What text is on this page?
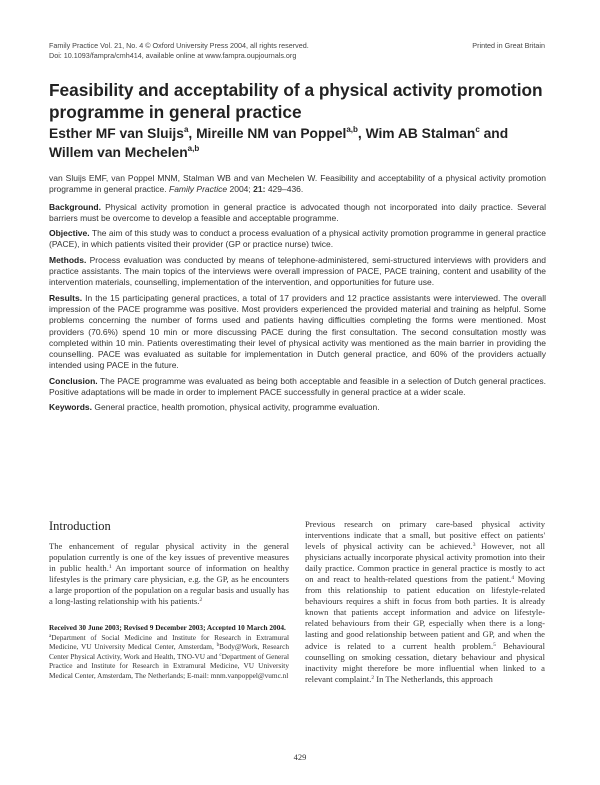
Family Practice Vol. 21, No. 4 © Oxford University Press 2004, all rights reserved.
Doi: 10.1093/fampra/cmh414, available online at www.fampra.oupjournals.org
Printed in Great Britain
Feasibility and acceptability of a physical activity promotion programme in general practice

Esther MF van Sluijs$^a$, Mireille NM van Poppel$^{a,b}$, Wim AB Stalman$^c$ and Willem van Mechelen$^{a,b}$

van Sluijs EMF, van Poppel MNM, Stalman WB and van Mechelen W. Feasibility and acceptability of a physical activity promotion programme in general practice. Family Practice 2004; 21: 429–436.

Background. Physical activity promotion in general practice is advocated though not incorporated into daily practice. Several barriers must be overcome to develop a feasible and acceptable programme.

Objective. The aim of this study was to conduct a process evaluation of a physical activity promotion programme in general practice (PACE), in which patients visited their provider (GP or practice nurse) twice.

Methods. Process evaluation was conducted by means of telephone-administered, semi-structured interviews with providers and practice assistants. The main topics of the interviews were overall impression of PACE, PACE training, content and usability of the intervention materials, counselling, implementation of the intervention, and opportunities for future use.

Results. In the 15 participating general practices, a total of 17 providers and 12 practice assistants were interviewed. The overall impression of the PACE programme was positive. Most providers experienced the provided material and training as helpful. Some problems concerning the number of forms used and patients having difficulties completing the forms were mentioned. Most providers (70.6%) spend 10 min or more discussing PACE during the first consultation. The second consultation mostly was completed within 10 min. Patients overestimating their level of physical activity was mentioned as the main barrier in providing the counselling. PACE was evaluated as suitable for implementation in Dutch general practice, and 60% of the providers actually intended using PACE in the future.

Conclusion. The PACE programme was evaluated as being both acceptable and feasible in a selection of Dutch general practices. Positive adaptations will be made in order to implement PACE successfully in general practice at a wider scale.

Keywords. General practice, health promotion, physical activity, programme evaluation.

Introduction

The enhancement of regular physical activity in the general population currently is one of the key issues of preventive measures in public health.$^1$ An important source of information on healthy lifestyles is the primary care physician, e.g. the GP, as he encounters a large proportion of the population on a regular basis and usually has a long-lasting relationship with his patients.$^2$

Received 30 June 2003; Revised 9 December 2003; Accepted 10 March 2004.
$^a$Department of Social Medicine and Institute for Research in Extramural Medicine, VU University Medical Center, Amsterdam, $^b$Body@Work, Research Center Physical Activity, Work and Health, TNO-VU and $^c$Department of General Practice and Institute for Research in Extramural Medicine, VU University Medical Center, Amsterdam, The Netherlands; E-mail: mnm.vanpoppel@vumc.nl

Previous research on primary care-based physical activity interventions indicate that a small, but positive effect on patients' levels of physical activity can be achieved.$^3$ However, not all physicians actually incorporate physical activity promotion into their daily practice. Common practice in general practice is mostly to act on and react to health-related questions from the patient.$^4$ Moving from this relationship to patient education on lifestyle-related behaviours requires a shift in focus from both parties. It is already known that patients accept information and advice on lifestyle-related behaviours from their GP, especially when there is a long-lasting and good relationship between patient and GP, and when the advice is related to a current health problem.$^5$ Behavioural counselling on smoking cessation, dietary behaviour and physical inactivity might therefore be more influential when linked to a relevant complaint.$^2$ In The Netherlands, this approach

429
